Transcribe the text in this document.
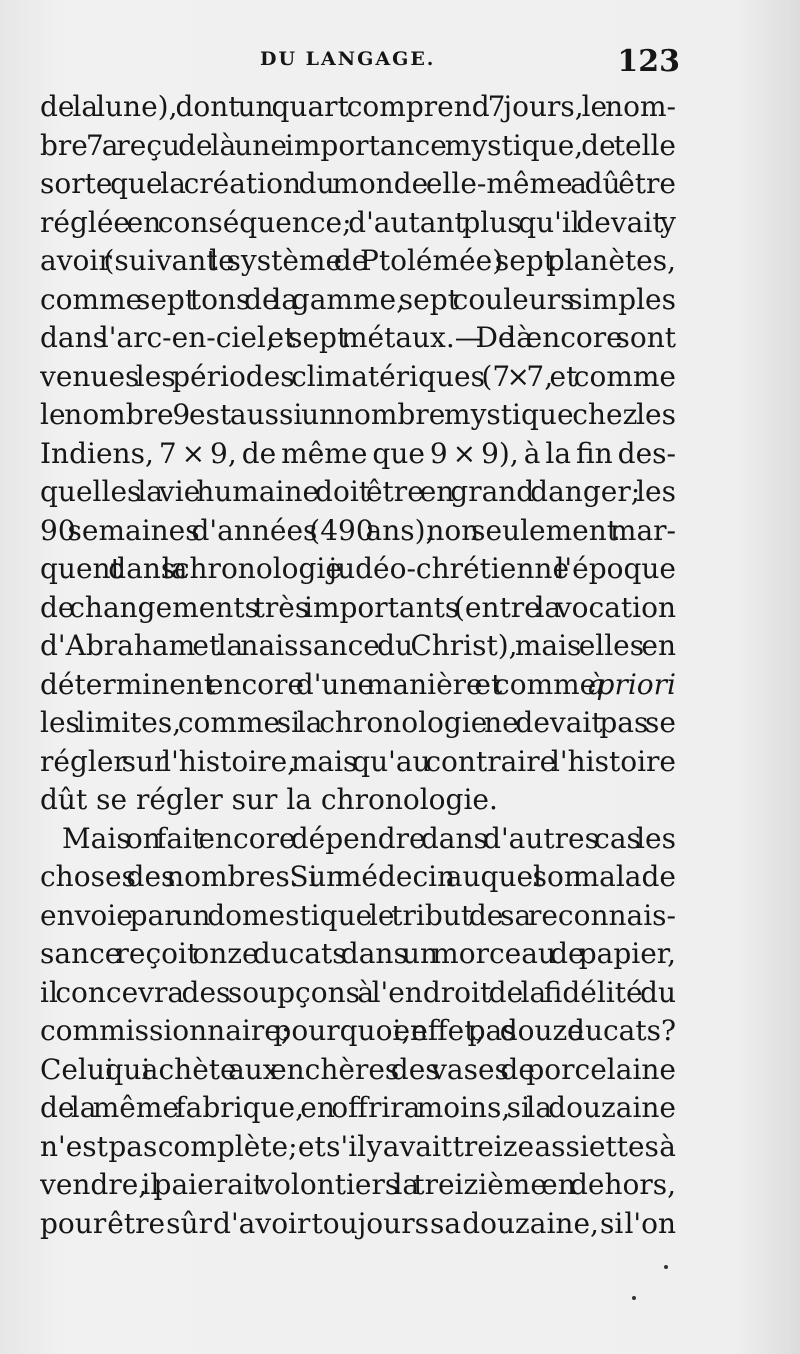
DU LANGAGE.	123
de la lune), dont un quart comprend 7 jours, le nom-
bre 7 a reçu de là une importance mystique, de telle
sorte que la création du monde elle-même a dû être
réglée en conséquence; d'autant plus qu'il devait y
avoir (suivant le système de Ptolémée) sept planètes,
comme sept tons de la gamme, sept couleurs simples
dans l'arc-en-ciel, et sept métaux.— De là encore sont
venues les périodes climatériques (7 × 7, et comme
le nombre 9 est aussi un nombre mystique chez les
Indiens, 7 × 9, de même que 9 × 9), à la fin des-
quelles la vie humaine doit être en grand danger; les
90 semaines d'années (490 ans), non seulement mar-
quent dans la chronologie judéo-chrétienne l'époque
de changements très importants (entre la vocation
d'Abraham et la naissance du Christ), mais elles en
déterminent encore d'une manière et comme à priori
les limites, comme si la chronologie ne devait pas se
régler sur l'histoire, mais qu'au contraire l'histoire
dût se régler sur la chronologie.
Mais on fait encore dépendre dans d'autres cas les
choses des nombres. Si un médecin auquel son malade
envoie par un domestique le tribut de sa reconnais-
sance reçoit onze ducats dans un morceau de papier,
il concevra des soupçons à l'endroit de la fidélité du
commissionnaire; pourquoi, en effet, pas douze ducats?
Celui qui achète aux enchères des vases de porcelaine
de la même fabrique, en offrira moins, si la douzaine
n'est pas complète; et s'il y avait treize assiettes à
vendre, il paierait volontiers la treizième en dehors,
pour être sûr d'avoir toujours sa douzaine, si l'on
